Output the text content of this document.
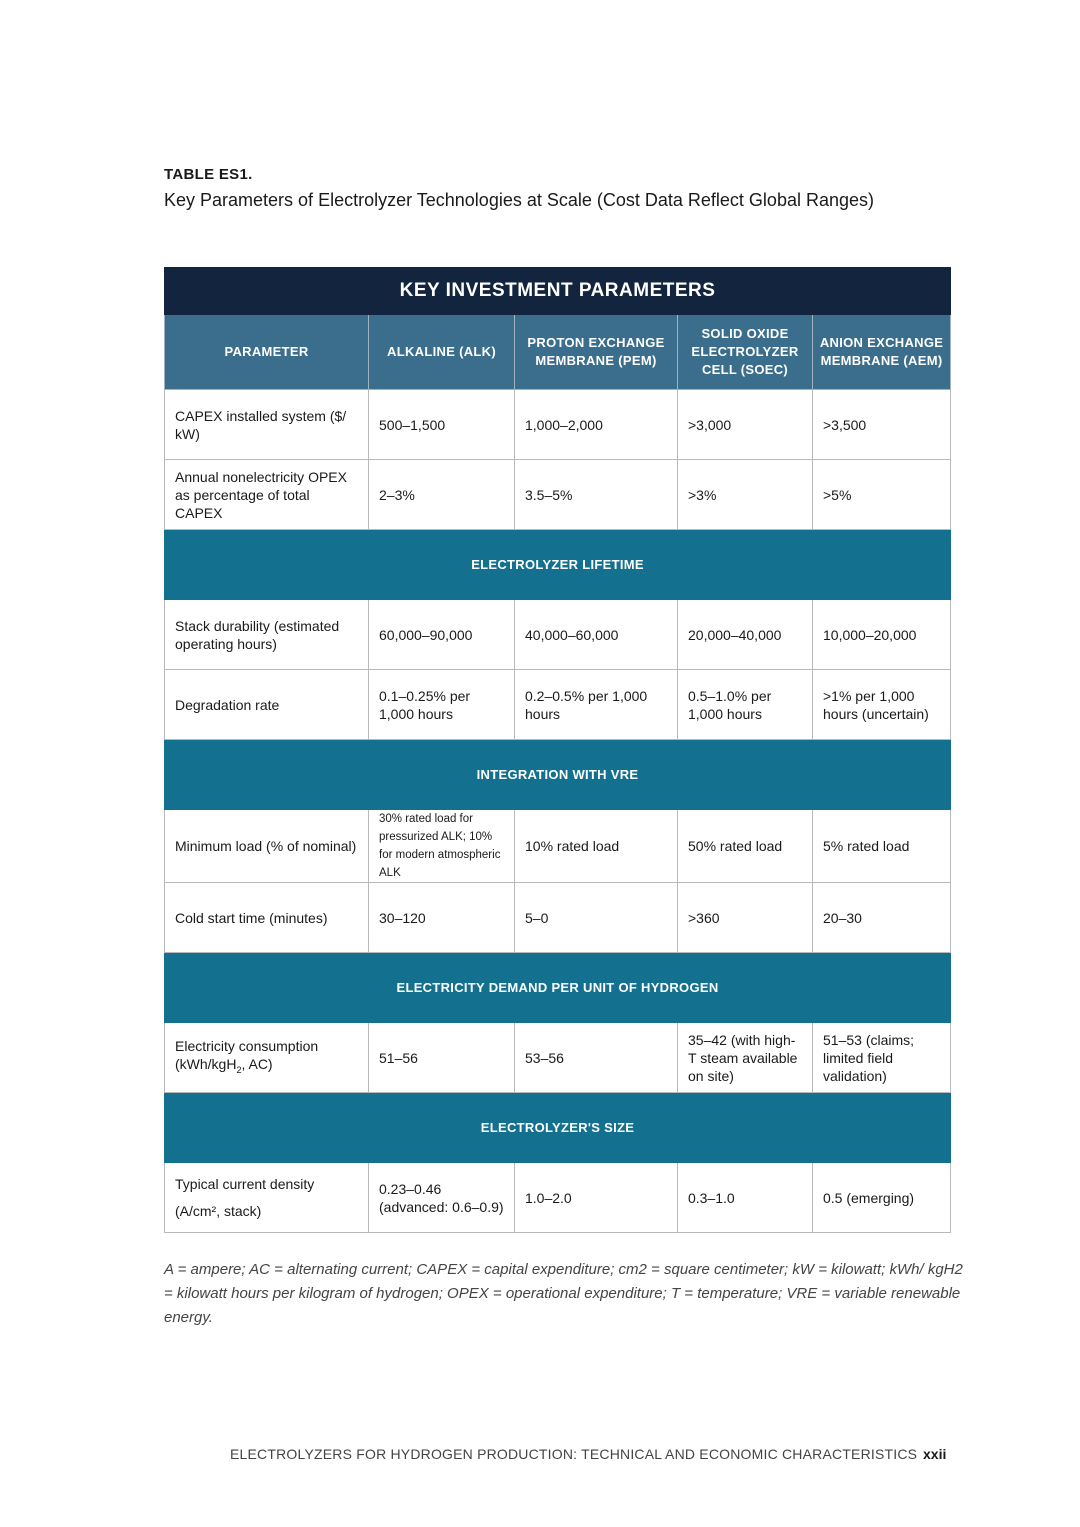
TABLE ES1.
Key Parameters of Electrolyzer Technologies at Scale (Cost Data Reflect Global Ranges)
KEY INVESTMENT PARAMETERS				
PARAMETER	ALKALINE (ALK)	PROTON EXCHANGE MEMBRANE (PEM)	SOLID OXIDE ELECTROLYZER CELL (SOEC)	ANION EXCHANGE MEMBRANE (AEM)
CAPEX installed system ($/ kW)	500–1,500	1,000–2,000	>3,000	>3,500
Annual nonelectricity OPEX as percentage of total CAPEX	2–3%	3.5–5%	>3%	>5%
ELECTROLYZER LIFETIME				
Stack durability (estimated operating hours)	60,000–90,000	40,000–60,000	20,000–40,000	10,000–20,000
Degradation rate	0.1–0.25% per 1,000 hours	0.2–0.5% per 1,000 hours	0.5–1.0% per 1,000 hours	>1% per 1,000 hours (uncertain)
INTEGRATION WITH VRE				
Minimum load (% of nominal)	30% rated load for pressurized ALK; 10% for modern atmospheric ALK	10% rated load	50% rated load	5% rated load
Cold start time (minutes)	30–120	5–0	>360	20–30
ELECTRICITY DEMAND PER UNIT OF HYDROGEN				
Electricity consumption (kWh/kgH$_2$, AC)	51–56	53–56	35–42 (with high-T steam available on site)	51–53 (claims; limited field validation)
ELECTROLYZER'S SIZE				

Typical current density
(A/cm², stack)	0.23–0.46 (advanced: 0.6–0.9)	1.0–2.0	0.3–1.0	0.5 (emerging)
A = ampere; AC = alternating current; CAPEX = capital expenditure; cm2 = square centimeter; kW = kilowatt; kWh/ kgH2 = kilowatt hours per kilogram of hydrogen; OPEX = operational expenditure; T = temperature; VRE = variable renewable energy.
ELECTROLYZERS FOR HYDROGEN PRODUCTION: TECHNICAL AND ECONOMIC CHARACTERISTICS xxii
